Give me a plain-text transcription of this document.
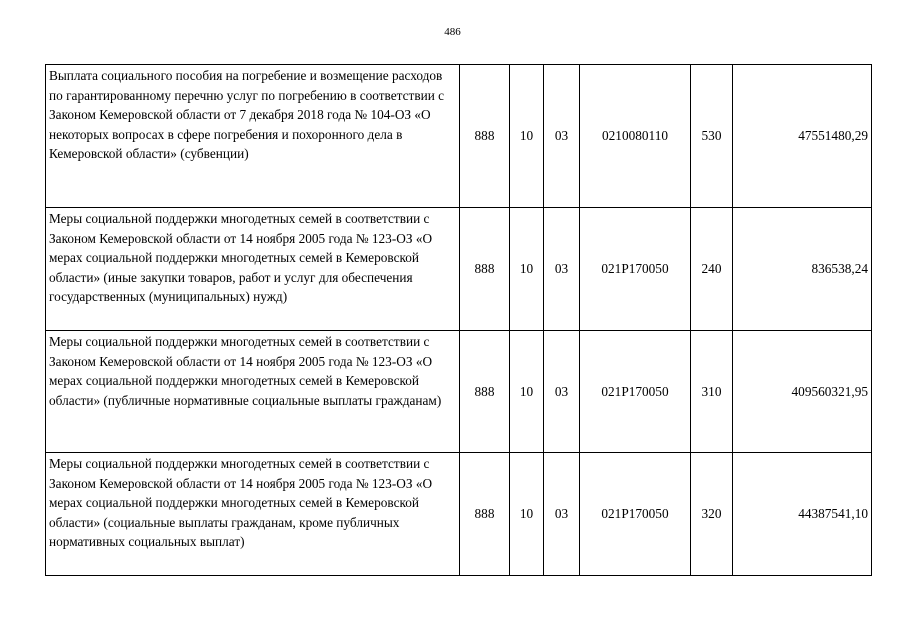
486
Выплата социального пособия на погребение и возмещение расходов по гарантированному перечню услуг по погребению в соответствии с Законом Кемеровской области от 7 декабря 2018 года № 104-ОЗ «О некоторых вопросах в сфере погребения и похоронного дела в Кемеровской области» (субвенции)	888	10	03	0210080110	530	47551480,29
Меры социальной поддержки многодетных семей в соответствии с Законом Кемеровской области от 14 ноября 2005 года № 123-ОЗ «О мерах социальной поддержки многодетных семей в Кемеровской области» (иные закупки товаров, работ и услуг для обеспечения государственных (муниципальных) нужд)	888	10	03	021P170050	240	836538,24
Меры социальной поддержки многодетных семей в соответствии с Законом Кемеровской области от 14 ноября 2005 года № 123-ОЗ «О мерах социальной поддержки многодетных семей в Кемеровской области» (публичные нормативные социальные выплаты гражданам)	888	10	03	021P170050	310	409560321,95
Меры социальной поддержки многодетных семей в соответствии с Законом Кемеровской области от 14 ноября 2005 года № 123-ОЗ «О мерах социальной поддержки многодетных семей в Кемеровской области» (социальные выплаты гражданам, кроме публичных нормативных социальных выплат)	888	10	03	021P170050	320	44387541,10
